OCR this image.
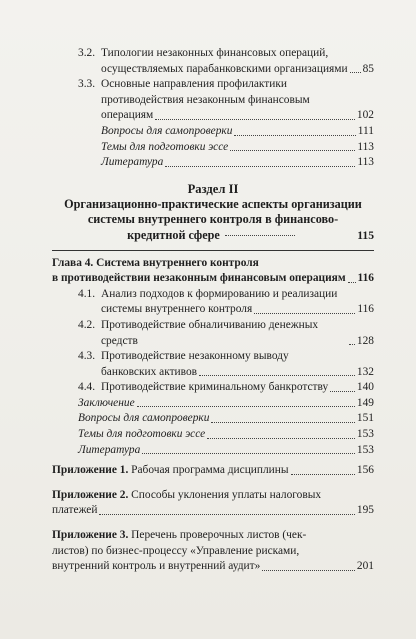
3.2. Типологии незаконных финансовых операций,
осуществляемых парабанковскими организациями 85
3.3. Основные направления профилактики
противодействия незаконным финансовым
операциям	102
Вопросы для самопроверки	111
Темы для подготовки эссе	113
Литература	113
Раздел II
Организационно-практические аспекты организации
системы внутреннего контроля в финансово-
кредитной сфере	115
Глава 4. Система внутреннего контроля
в противодействии незаконным финансовым операциям 116
4.1. Анализ подходов к формированию и реализации
системы внутреннего контроля	116
4.2. Противодействие обналичиванию денежных средств	128
4.3. Противодействие незаконному выводу
банковских активов	132
4.4. Противодействие криминальному банкротству	140
Заключение	149
Вопросы для самопроверки	151
Темы для подготовки эссе	153
Литература	153
Приложение 1. Рабочая программа дисциплины	156
Приложение 2. Способы уклонения уплаты налоговых
платежей	195
Приложение 3. Перечень проверочных листов (чек-
листов) по бизнес-процессу «Управление рисками,
внутренний контроль и внутренний аудит»	201
